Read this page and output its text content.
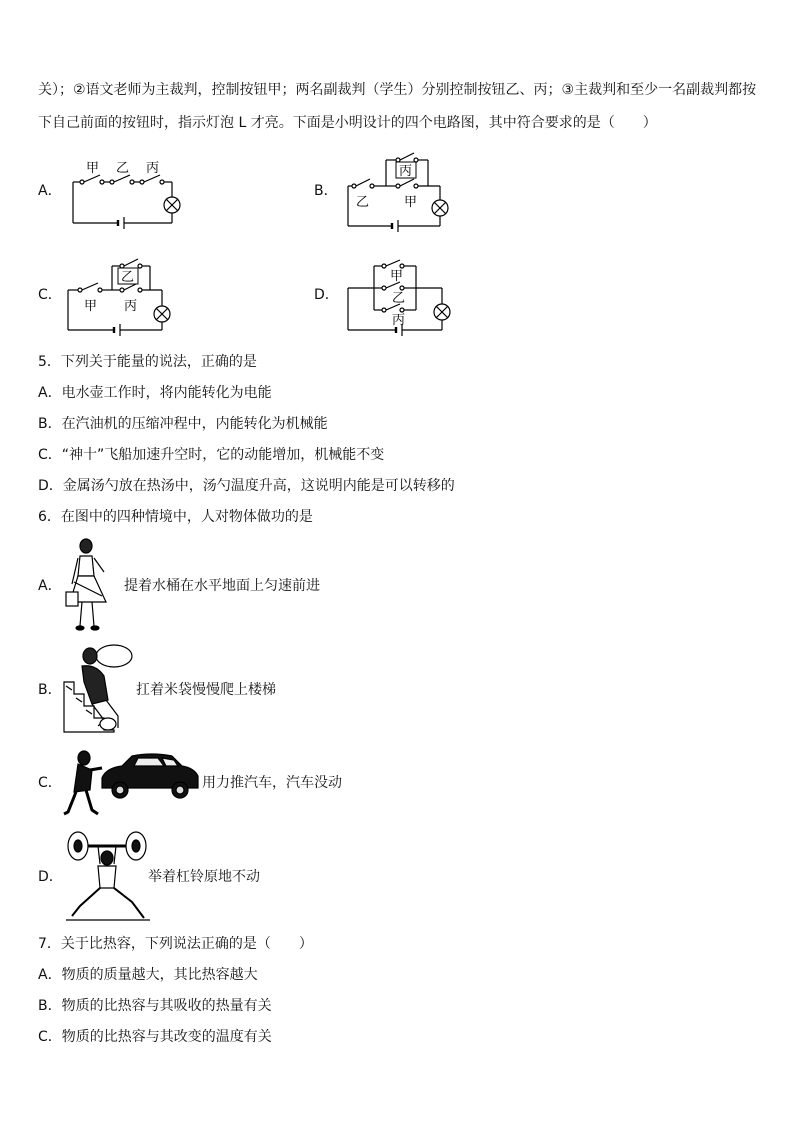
关）；②语文老师为主裁判，控制按钮甲；两名副裁判（学生）分别控制按钮乙、丙；③主裁判和至少一名副裁判都按
下自己前面的按钮时，指示灯泡 L 才亮。下面是小明设计的四个电路图，其中符合要求的是（　　）
A．
甲 乙 丙
B．
丙
乙	甲
C．
乙
甲 丙
D．
甲
乙
丙
5．下列关于能量的说法，正确的是
A．电水壶工作时，将内能转化为电能
B．在汽油机的压缩冲程中，内能转化为机械能
C．“神十”飞船加速升空时，它的动能增加，机械能不变
D．金属汤勺放在热汤中，汤勺温度升高，这说明内能是可以转移的
6．在图中的四种情境中，人对物体做功的是
A．	提着水桶在水平地面上匀速前进
B．	扛着米袋慢慢爬上楼梯
C．	用力推汽车，汽车没动
D．	举着杠铃原地不动
7．关于比热容，下列说法正确的是（　　）
A．物质的质量越大，其比热容越大
B．物质的比热容与其吸收的热量有关
C．物质的比热容与其改变的温度有关
